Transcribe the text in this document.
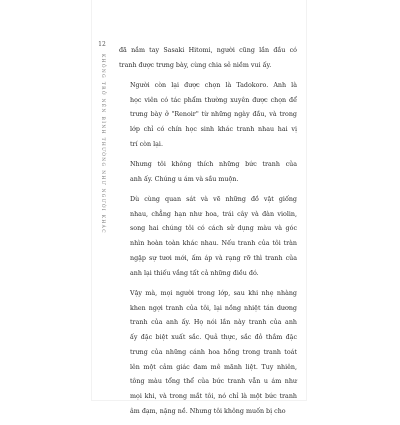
12
KHÔNG TRỞ NÊN BÌNH THƯỜNG NHƯ NGƯỜI KHÁC

đã nắm tay Sasaki Hitomi, người cũng lần đầu có
tranh được trưng bày, cùng chia sẻ niềm vui ấy.

Người còn lại được chọn là Tadokoro. Anh là
học viên có tác phẩm thường xuyên được chọn để
trưng bày ở "Renoir" từ những ngày đầu, và trong
lớp chỉ có chín học sinh khác tranh nhau hai vị
trí còn lại.

Nhưng tôi không thích những bức tranh của
anh ấy. Chúng u ám và sầu muộn.

Dù cùng quan sát và vẽ những đồ vật giống
nhau, chẳng hạn như hoa, trái cây và đàn violin,
song hai chúng tôi có cách sử dụng màu và góc
nhìn hoàn toàn khác nhau. Nếu tranh của tôi tràn
ngập sự tươi mới, ấm áp và rạng rỡ thì tranh của
anh lại thiếu vắng tất cả những điều đó.

Vậy mà, mọi người trong lớp, sau khi nhẹ nhàng
khen ngợi tranh của tôi, lại nồng nhiệt tán dương
tranh của anh ấy. Họ nói lần này tranh của anh
ấy đặc biệt xuất sắc. Quả thực, sắc đỏ thắm đặc
trưng của những cánh hoa hồng trong tranh toát
lên một cảm giác đam mê mãnh liệt. Tuy nhiên,
tông màu tổng thể của bức tranh vẫn u ám như
mọi khi, và trong mắt tôi, nó chỉ là một bức tranh
âm đạm, nặng nề. Nhưng tôi không muốn bị cho
